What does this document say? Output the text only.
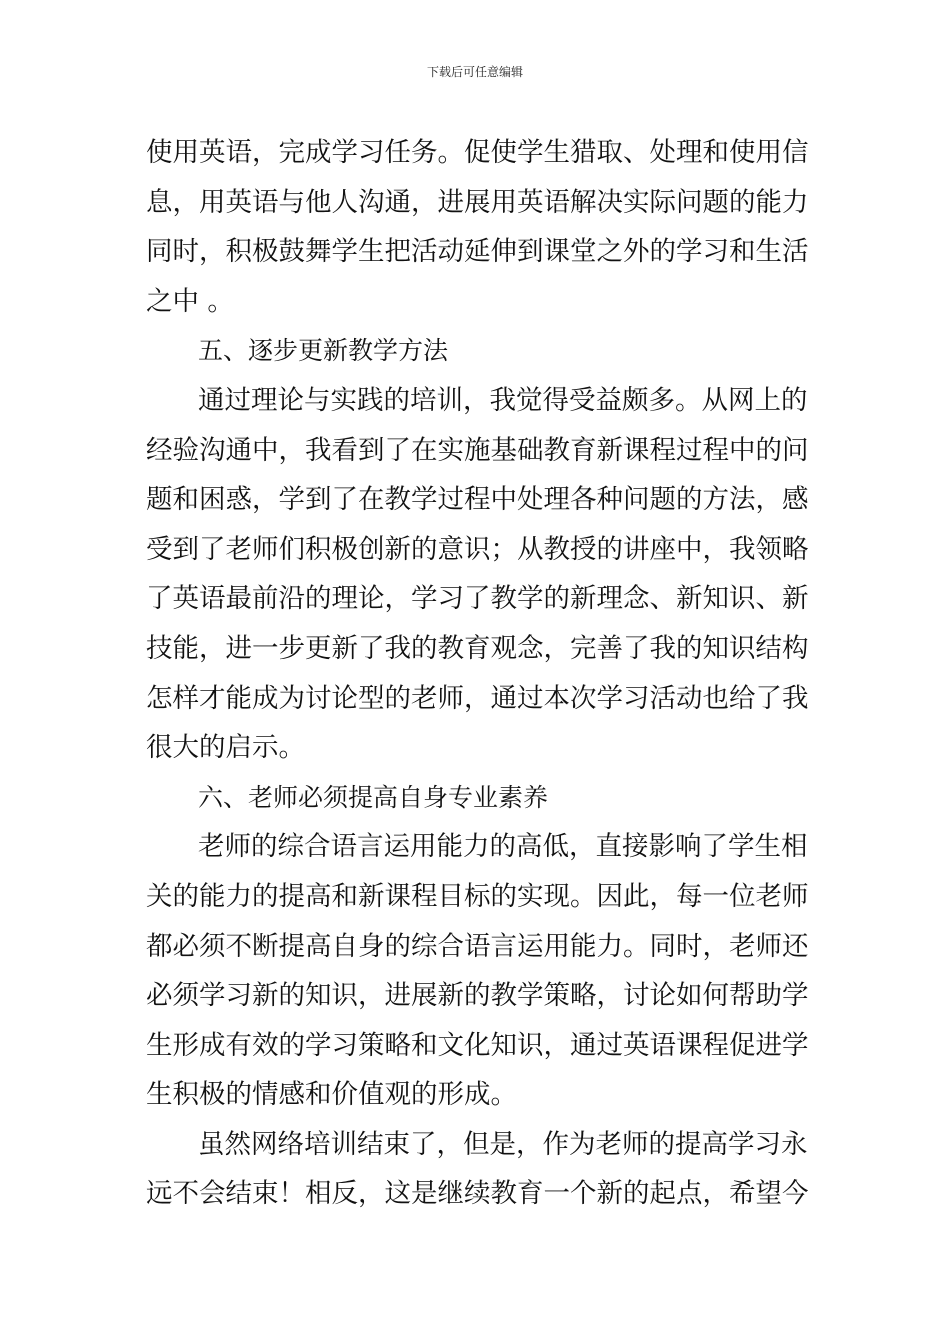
下载后可任意编辑
使用英语，完成学习任务。促使学生猎取、处理和使用信
息，用英语与他人沟通，进展用英语解决实际问题的能力
同时，积极鼓舞学生把活动延伸到课堂之外的学习和生活
之中 。
五、逐步更新教学方法
通过理论与实践的培训，我觉得受益颇多。从网上的
经验沟通中，我看到了在实施基础教育新课程过程中的问
题和困惑，学到了在教学过程中处理各种问题的方法，感
受到了老师们积极创新的意识；从教授的讲座中，我领略
了英语最前沿的理论，学习了教学的新理念、新知识、新
技能，进一步更新了我的教育观念，完善了我的知识结构
怎样才能成为讨论型的老师，通过本次学习活动也给了我
很大的启示。
六、老师必须提高自身专业素养
老师的综合语言运用能力的高低，直接影响了学生相
关的能力的提高和新课程目标的实现。因此，每一位老师
都必须不断提高自身的综合语言运用能力。同时，老师还
必须学习新的知识，进展新的教学策略，讨论如何帮助学
生形成有效的学习策略和文化知识，通过英语课程促进学
生积极的情感和价值观的形成。
虽然网络培训结束了，但是，作为老师的提高学习永
远不会结束！相反，这是继续教育一个新的起点，希望今
